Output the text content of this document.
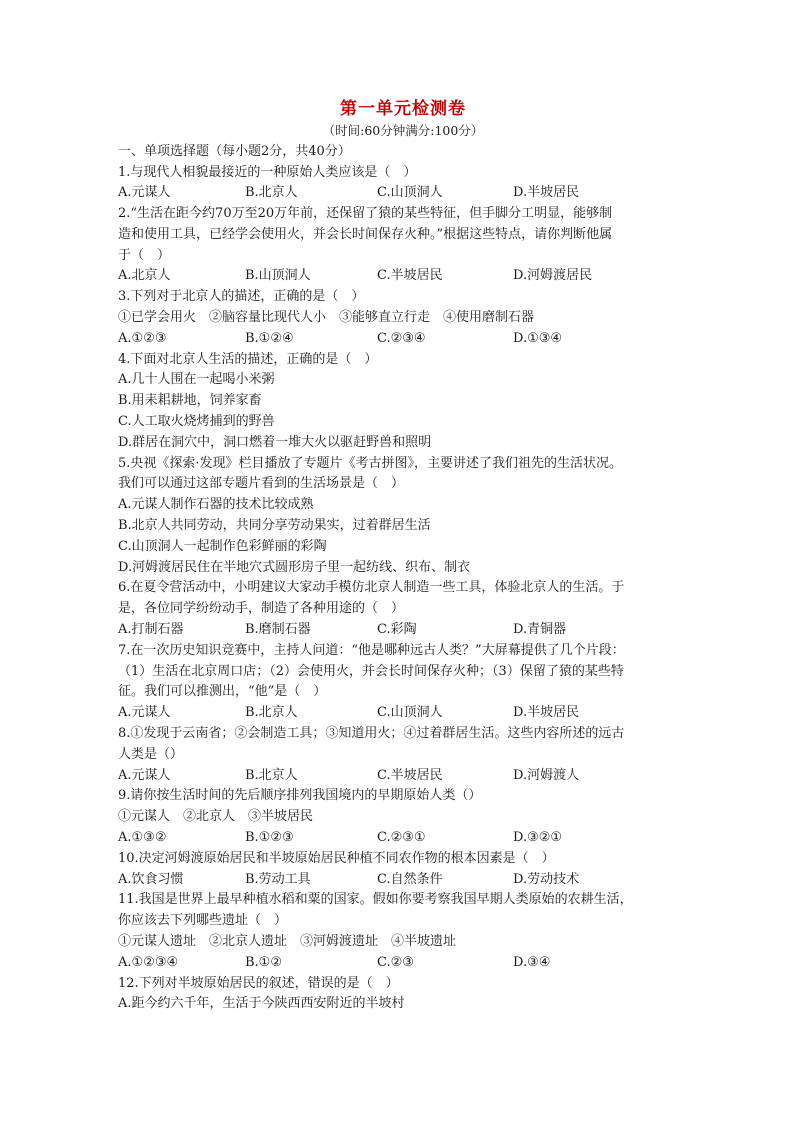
第一单元检测卷
（时间:60分钟满分:100分）
一、单项选择题（每小题2分，共40分）
1.与现代人相貌最接近的一种原始人类应该是（　）
A.元谋人	B.北京人	C.山顶洞人	D.半坡居民
2.“生活在距今约70万至20万年前，还保留了猿的某些特征，但手脚分工明显，能够制
造和使用工具，已经学会使用火，并会长时间保存火种。”根据这些特点，请你判断他属
于（　）
A.北京人	B.山顶洞人	C.半坡居民	D.河姆渡居民
3.下列对于北京人的描述，正确的是（　）
①已学会用火　②脑容量比现代人小　③能够直立行走　④使用磨制石器
A.①②③	B.①②④	C.②③④	D.①③④
4.下面对北京人生活的描述，正确的是（　）
A.几十人围在一起喝小米粥
B.用耒耜耕地，饲养家畜
C.人工取火烧烤捕到的野兽
D.群居在洞穴中，洞口燃着一堆大火以驱赶野兽和照明
5.央视《探索·发现》栏目播放了专题片《考古拼图》，主要讲述了我们祖先的生活状况。
我们可以通过这部专题片看到的生活场景是（　）
A.元谋人制作石器的技术比较成熟
B.北京人共同劳动，共同分享劳动果实，过着群居生活
C.山顶洞人一起制作色彩鲜丽的彩陶
D.河姆渡居民住在半地穴式圆形房子里一起纺线、织布、制衣
6.在夏令营活动中，小明建议大家动手模仿北京人制造一些工具，体验北京人的生活。于
是，各位同学纷纷动手，制造了各种用途的（　）
A.打制石器	B.磨制石器	C.彩陶	D.青铜器
7.在一次历史知识竞赛中，主持人问道：“他是哪种远古人类？”大屏幕提供了几个片段：
（1）生活在北京周口店；（2）会使用火，并会长时间保存火种；（3）保留了猿的某些特
征。我们可以推测出，“他”是（　）
A.元谋人	B.北京人	C.山顶洞人	D.半坡居民
8.①发现于云南省；②会制造工具；③知道用火；④过着群居生活。这些内容所述的远古
人类是（）
A.元谋人	B.北京人	C.半坡居民	D.河姆渡人
9.请你按生活时间的先后顺序排列我国境内的早期原始人类（）
①元谋人　②北京人　③半坡居民
A.①③②	B.①②③	C.②③①	D.③②①
10.决定河姆渡原始居民和半坡原始居民种植不同农作物的根本因素是（　）
A.饮食习惯	B.劳动工具	C.自然条件	D.劳动技术
11.我国是世界上最早种植水稻和粟的国家。假如你要考察我国早期人类原始的农耕生活，
你应该去下列哪些遗址（　）
①元谋人遗址　②北京人遗址　③河姆渡遗址　④半坡遗址
A.①②③④	B.①②	C.②③	D.③④
12.下列对半坡原始居民的叙述，错误的是（　）
A.距今约六千年，生活于今陕西西安附近的半坡村
